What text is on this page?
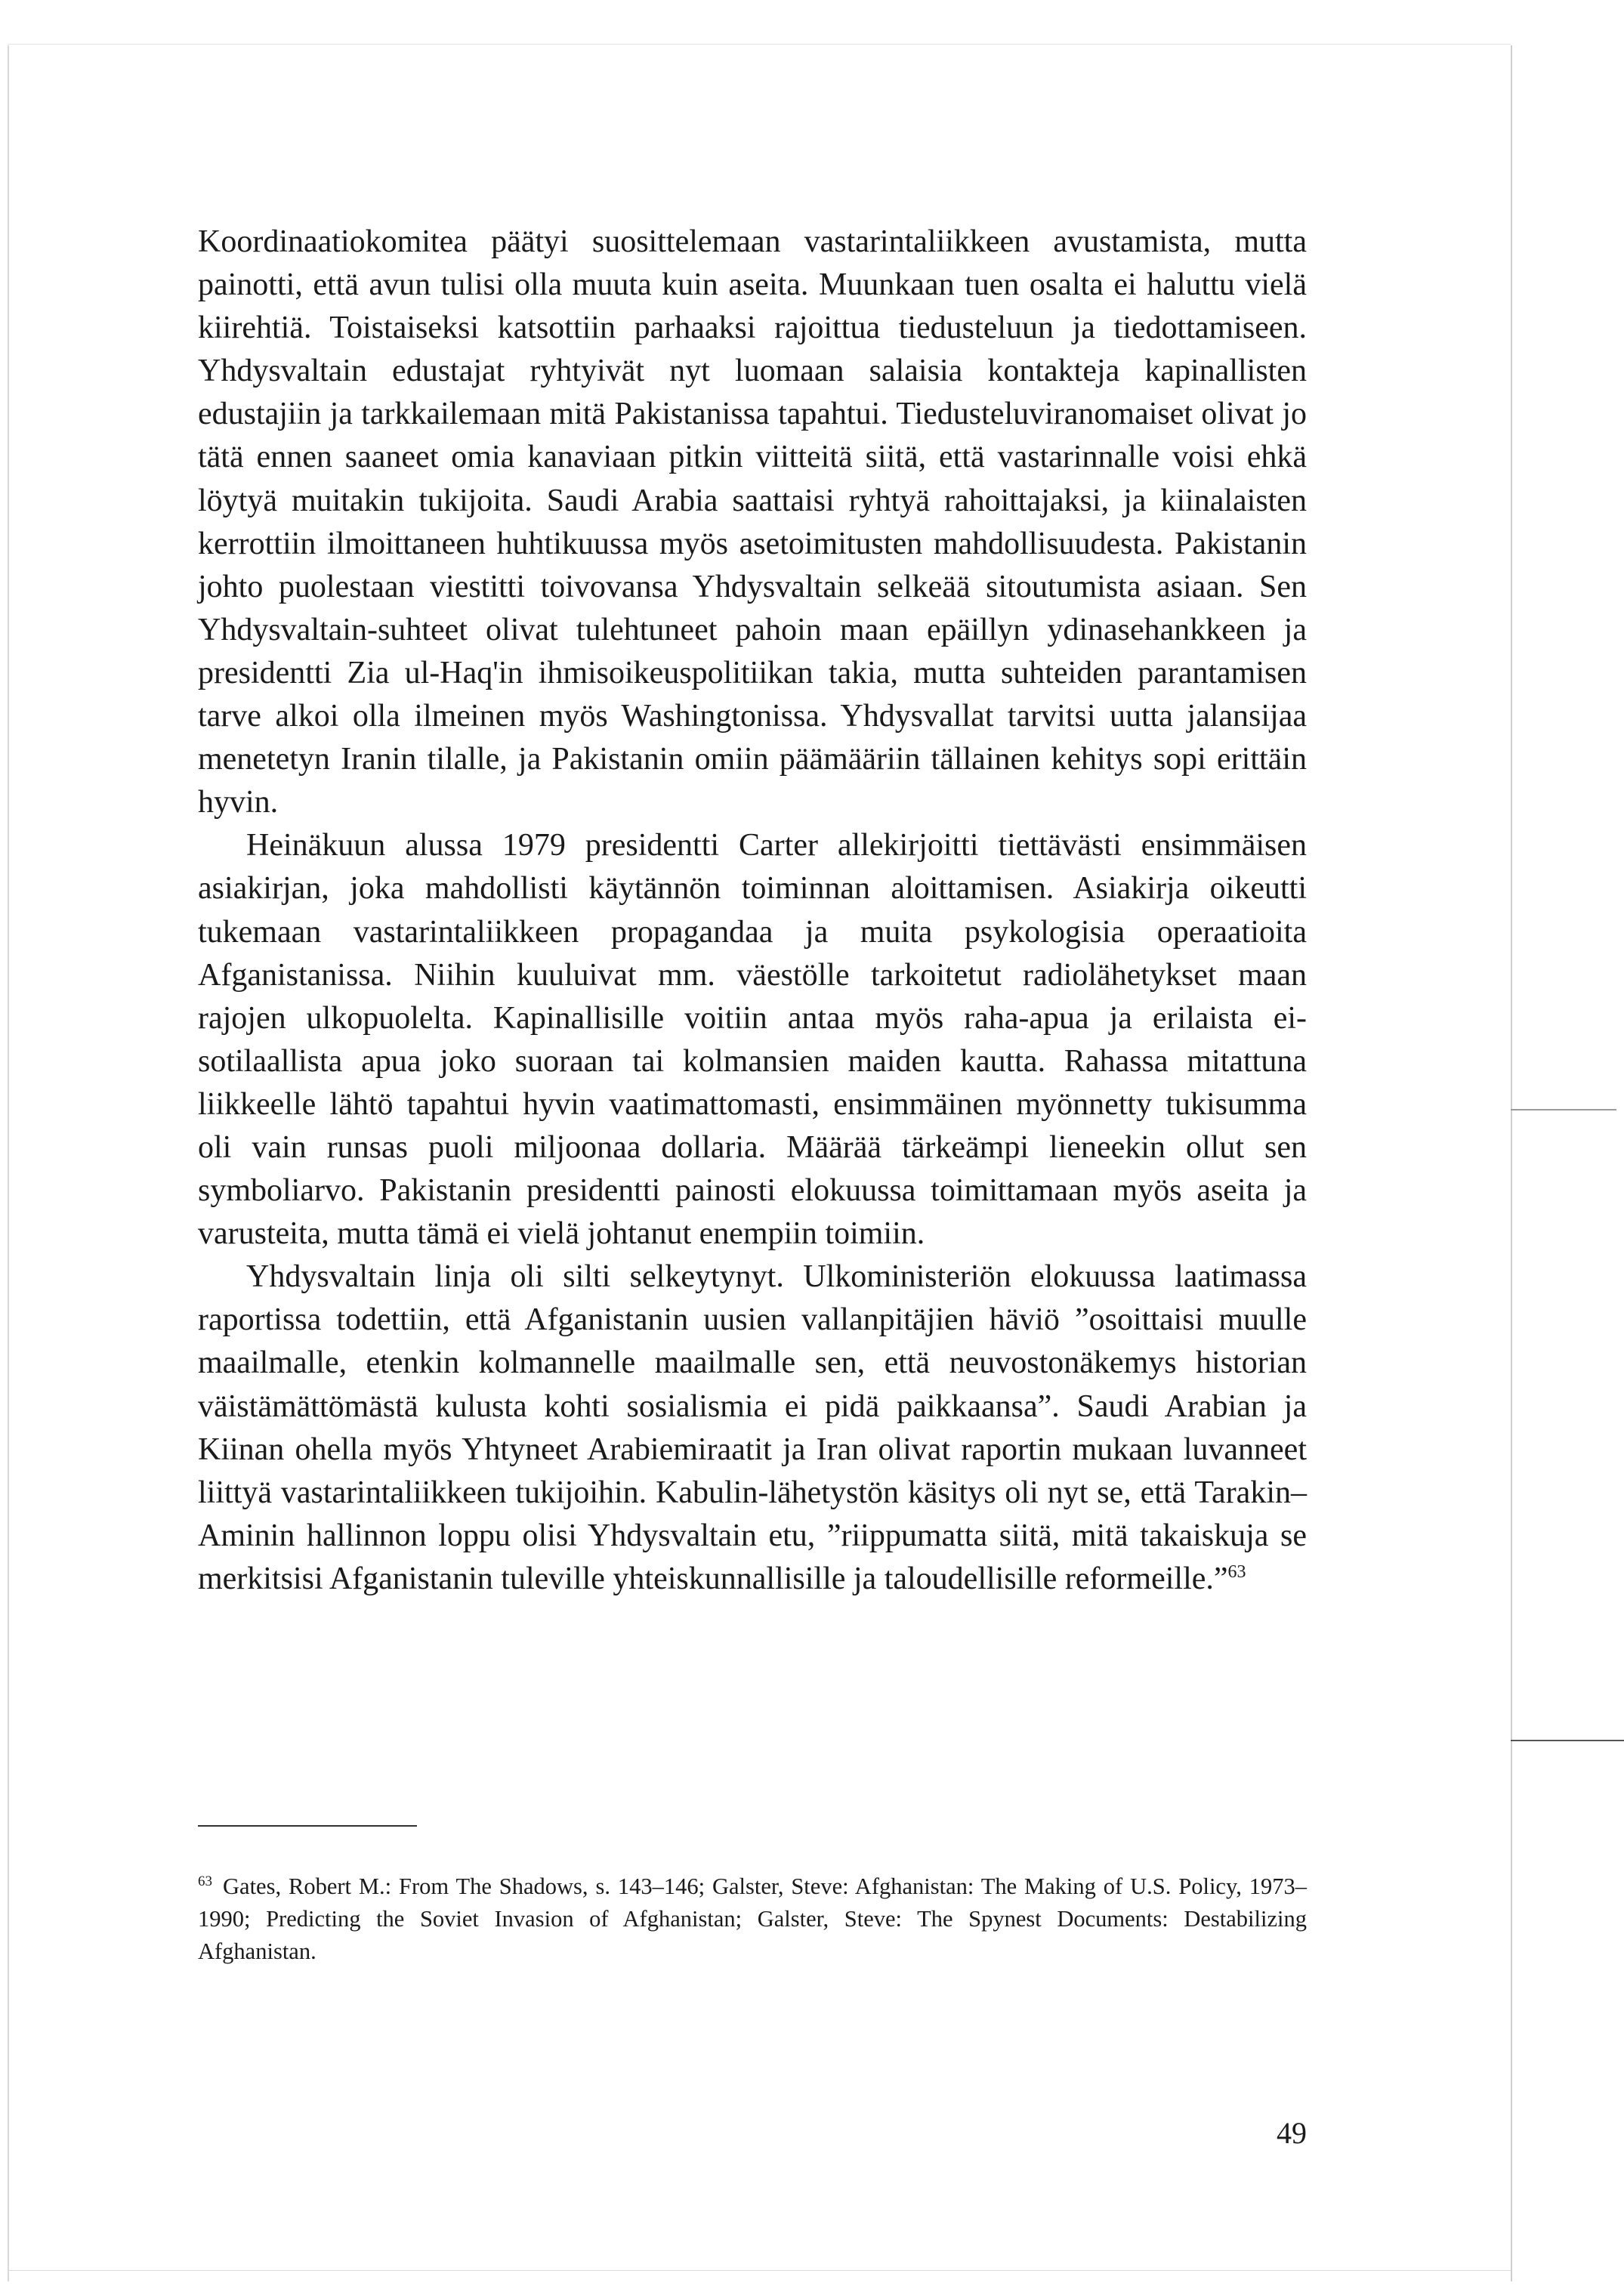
Koordinaatiokomitea päätyi suosittelemaan vastarintaliikkeen avustamista, mutta painotti, että avun tulisi olla muuta kuin aseita. Muunkaan tuen osalta ei haluttu vielä kiirehtiä. Toistaiseksi katsottiin parhaaksi rajoittua tiedusteluun ja tiedottamiseen. Yhdysvaltain edustajat ryhtyivät nyt luomaan salaisia kontakteja kapinallisten edustajiin ja tarkkailemaan mitä Pakistanissa tapahtui. Tiedusteluviranomaiset olivat jo tätä ennen saaneet omia kanaviaan pitkin viitteitä siitä, että vastarinnalle voisi ehkä löytyä muitakin tukijoita. Saudi Arabia saattaisi ryhtyä rahoittajaksi, ja kiinalaisten kerrottiin ilmoittaneen huhtikuussa myös asetoimitusten mahdollisuudesta. Pakistanin johto puolestaan viestitti toivovansa Yhdysvaltain selkeää sitoutumista asiaan. Sen Yhdysvaltain-suhteet olivat tulehtuneet pahoin maan epäillyn ydinasehankkeen ja presidentti Zia ul-Haq'in ihmisoikeuspolitiikan takia, mutta suhteiden parantamisen tarve alkoi olla ilmeinen myös Washingtonissa. Yhdysvallat tarvitsi uutta jalansijaa menetetyn Iranin tilalle, ja Pakistanin omiin päämääriin tällainen kehitys sopi erittäin hyvin.

Heinäkuun alussa 1979 presidentti Carter allekirjoitti tiettävästi ensimmäisen asiakirjan, joka mahdollisti käytännön toiminnan aloittamisen. Asiakirja oikeutti tukemaan vastarintaliikkeen propagandaa ja muita psykologisia operaatioita Afganistanissa. Niihin kuuluivat mm. väestölle tarkoitetut radiolähetykset maan rajojen ulkopuolelta. Kapinallisille voitiin antaa myös raha-apua ja erilaista ei-sotilaallista apua joko suoraan tai kolmansien maiden kautta. Rahassa mitattuna liikkeelle lähtö tapahtui hyvin vaatimattomasti, ensimmäinen myönnetty tukisumma oli vain runsas puoli miljoonaa dollaria. Määrää tärkeämpi lieneekin ollut sen symboliarvo. Pakistanin presidentti painosti elokuussa toimittamaan myös aseita ja varusteita, mutta tämä ei vielä johtanut enempiin toimiin.

Yhdysvaltain linja oli silti selkeytynyt. Ulkoministeriön elokuussa laatimassa raportissa todettiin, että Afganistanin uusien vallanpitäjien häviö ”osoittaisi muulle maailmalle, etenkin kolmannelle maailmalle sen, että neuvostonäkemys historian väistämättömästä kulusta kohti sosialismia ei pidä paikkaansa”. Saudi Arabian ja Kiinan ohella myös Yhtyneet Arabiemiraatit ja Iran olivat raportin mukaan luvanneet liittyä vastarintaliikkeen tukijoihin. Kabulin-lähetystön käsitys oli nyt se, että Tarakin–Aminin hallinnon loppu olisi Yhdysvaltain etu, ”riippumatta siitä, mitä takaiskuja se merkitsisi Afganistanin tuleville yhteiskunnallisille ja taloudellisille reformeille.”$^{63}$

$^{63}$ Gates, Robert M.: From The Shadows, s. 143–146; Galster, Steve: Afghanistan: The Making of U.S. Policy, 1973–1990; Predicting the Soviet Invasion of Afghanistan; Galster, Steve: The Spynest Documents: Destabilizing Afghanistan.

49
